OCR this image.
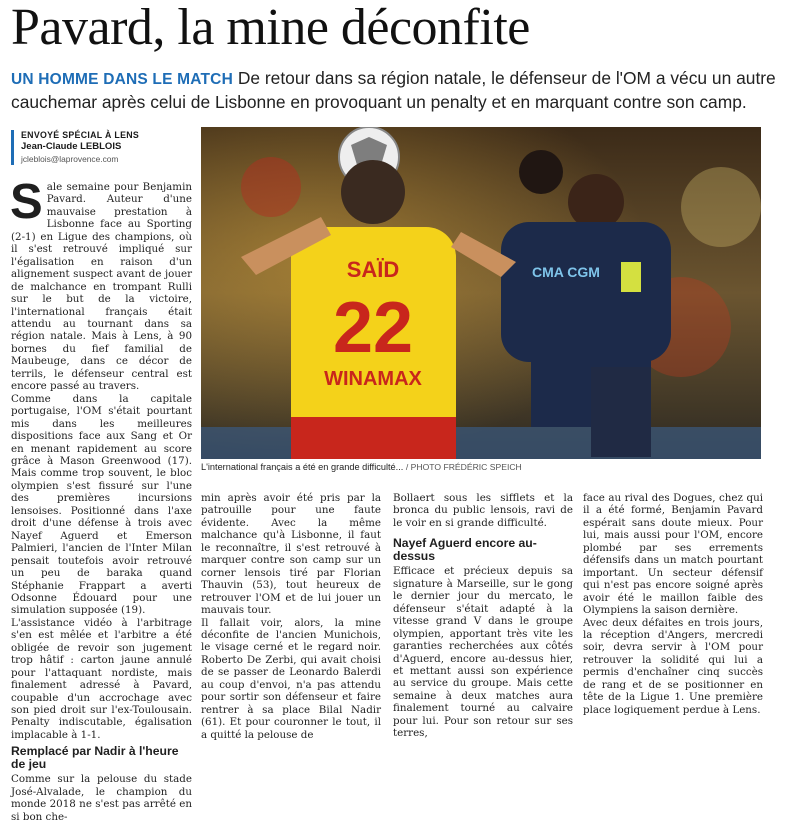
Pavard, la mine déconfite
UN HOMME DANS LE MATCH De retour dans sa région natale, le défenseur de l'OM a vécu un autre cauchemar après celui de Lisbonne en provoquant un penalty et en marquant contre son camp.
ENVOYÉ SPÉCIAL À LENS
Jean-Claude LEBLOIS
jcleblois@laprovence.com
S ale semaine pour Benjamin Pavard. Auteur d'une mauvaise prestation à Lisbonne face au Sporting (2-1) en Ligue des champions, où il s'est retrouvé impliqué sur l'égalisation en raison d'un alignement suspect avant de jouer de malchance en trompant Rulli sur le but de la victoire, l'international français était attendu au tournant dans sa région natale. Mais à Lens, à 90 bornes du fief familial de Maubeuge, dans ce décor de terrils, le défenseur central est encore passé au travers.

Comme dans la capitale portugaise, l'OM s'était pourtant mis dans les meilleures dispositions face aux Sang et Or en menant rapidement au score grâce à Mason Greenwood (17). Mais comme trop souvent, le bloc olympien s'est fissuré sur l'une des premières incursions lensoises. Positionné dans l'axe droit d'une défense à trois avec Nayef Aguerd et Emerson Palmieri, l'ancien de l'Inter Milan pensait toutefois avoir retrouvé un peu de baraka quand Stéphanie Frappart a averti Odsonne Édouard pour une simulation supposée (19).

L'assistance vidéo à l'arbitrage s'en est mêlée et l'arbitre a été obligée de revoir son jugement trop hâtif : carton jaune annulé pour l'attaquant nordiste, mais finalement adressé à Pavard, coupable d'un accrochage avec son pied droit sur l'ex-Toulousain. Penalty indiscutable, égalisation implacable à 1-1.

Remplacé par Nadir à l'heure de jeu

Comme sur la pelouse du stade José-Alvalade, le champion du monde 2018 ne s'est pas arrêté en si bon che-

SAÏD
22
WINAMAX
CMA CGM
L'international français a été en grande difficulté... / PHOTO FRÉDÉRIC SPEICH

min après avoir été pris par la patrouille pour une faute évidente. Avec la même malchance qu'à Lisbonne, il faut le reconnaître, il s'est retrouvé à marquer contre son camp sur un corner lensois tiré par Florian Thauvin (53), tout heureux de retrouver l'OM et de lui jouer un mauvais tour.

Il fallait voir, alors, la mine déconfite de l'ancien Munichois, le visage cerné et le regard noir. Roberto De Zerbi, qui avait choisi de se passer de Leonardo Balerdi au coup d'envoi, n'a pas attendu pour sortir son défenseur et faire rentrer à sa place Bilal Nadir (61). Et pour couronner le tout, il a quitté la pelouse de

Bollaert sous les sifflets et la bronca du public lensois, ravi de le voir en si grande difficulté.

Nayef Aguerd encore au-dessus

Efficace et précieux depuis sa signature à Marseille, sur le gong le dernier jour du mercato, le défenseur s'était adapté à la vitesse grand V dans le groupe olympien, apportant très vite les garanties recherchées aux côtés d'Aguerd, encore au-dessus hier, et mettant aussi son expérience au service du groupe. Mais cette semaine à deux matches aura finalement tourné au calvaire pour lui. Pour son retour sur ses terres,

face au rival des Dogues, chez qui il a été formé, Benjamin Pavard espérait sans doute mieux. Pour lui, mais aussi pour l'OM, encore plombé par ses errements défensifs dans un match pourtant important. Un secteur défensif qui n'est pas encore soigné après avoir été le maillon faible des Olympiens la saison dernière.

Avec deux défaites en trois jours, la réception d'Angers, mercredi soir, devra servir à l'OM pour retrouver la solidité qui lui a permis d'enchaîner cinq succès de rang et de se positionner en tête de la Ligue 1. Une première place logiquement perdue à Lens.
